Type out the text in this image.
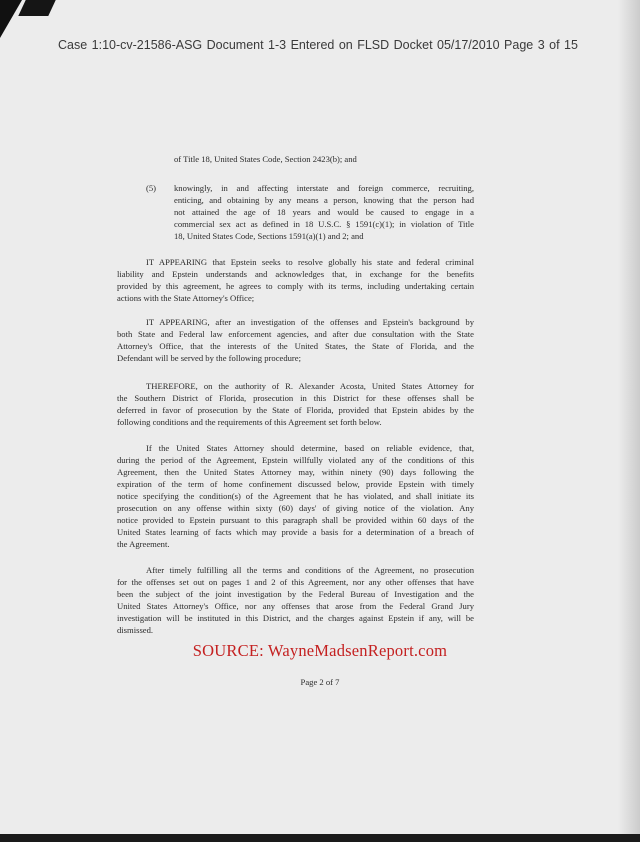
Case 1:10-cv-21586-ASG Document 1-3 Entered on FLSD Docket 05/17/2010 Page 3 of 15
of Title 18, United States Code, Section 2423(b); and
(5) knowingly, in and affecting interstate and foreign commerce, recruiting,
enticing, and obtaining by any means a person, knowing that the person had
not attained the age of 18 years and would be caused to engage in a
commercial sex act as defined in 18 U.S.C. § 1591(c)(1); in violation of Title
18, United States Code, Sections 1591(a)(1) and 2; and
IT APPEARING that Epstein seeks to resolve globally his state and federal criminal
liability and Epstein understands and acknowledges that, in exchange for the benefits
provided by this agreement, he agrees to comply with its terms, including undertaking certain
actions with the State Attorney's Office;
IT APPEARING, after an investigation of the offenses and Epstein's background by
both State and Federal law enforcement agencies, and after due consultation with the State
Attorney's Office, that the interests of the United States, the State of Florida, and the
Defendant will be served by the following procedure;
THEREFORE, on the authority of R. Alexander Acosta, United States Attorney for
the Southern District of Florida, prosecution in this District for these offenses shall be
deferred in favor of prosecution by the State of Florida, provided that Epstein abides by the
following conditions and the requirements of this Agreement set forth below.
If the United States Attorney should determine, based on reliable evidence, that,
during the period of the Agreement, Epstein willfully violated any of the conditions of this
Agreement, then the United States Attorney may, within ninety (90) days following the
expiration of the term of home confinement discussed below, provide Epstein with timely
notice specifying the condition(s) of the Agreement that he has violated, and shall initiate its
prosecution on any offense within sixty (60) days' of giving notice of the violation. Any
notice provided to Epstein pursuant to this paragraph shall be provided within 60 days of the
United States learning of facts which may provide a basis for a determination of a breach of
the Agreement.
After timely fulfilling all the terms and conditions of the Agreement, no prosecution
for the offenses set out on pages 1 and 2 of this Agreement, nor any other offenses that have
been the subject of the joint investigation by the Federal Bureau of Investigation and the
United States Attorney's Office, nor any offenses that arose from the Federal Grand Jury
investigation will be instituted in this District, and the charges against Epstein if any, will be
dismissed.
SOURCE: WayneMadsenReport.com
Page 2 of 7
